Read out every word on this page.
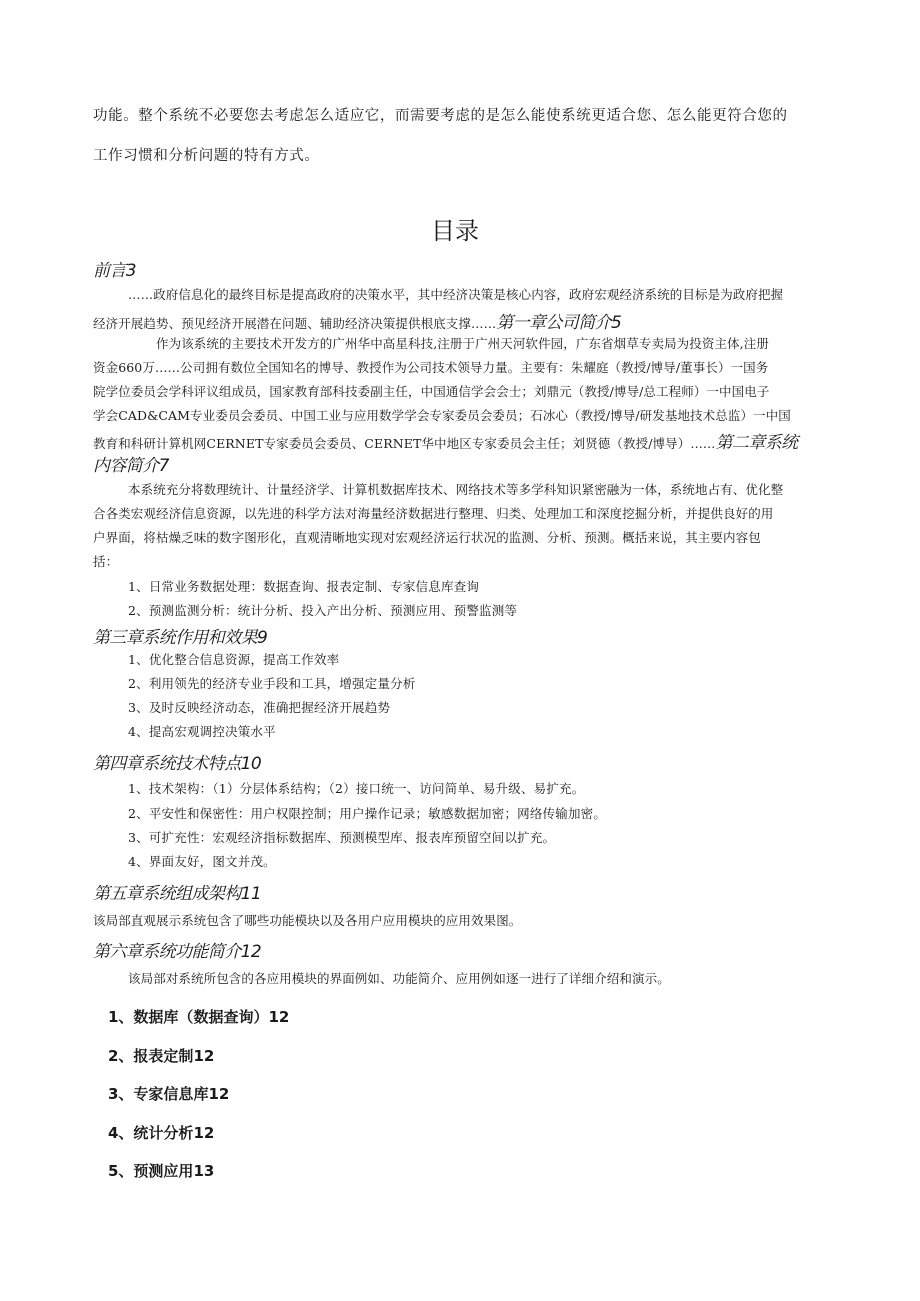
功能。整个系统不必要您去考虑怎么适应它，而需要考虑的是怎么能使系统更适合您、怎么能更符合您的
工作习惯和分析问题的特有方式。
目录
前言3
……政府信息化的最终目标是提高政府的决策水平，其中经济决策是核心内容，政府宏观经济系统的目标是为政府把握
经济开展趋势、预见经济开展潜在问题、辅助经济决策提供根底支撑……第一章公司简介5
作为该系统的主要技术开发方的广州华中高星科技,注册于广州天河软件园，广东省烟草专卖局为投资主体,注册
资金660万……公司拥有数位全国知名的博导、教授作为公司技术领导力量。主要有：朱耀庭（教授/博导/董事长）一国务
院学位委员会学科评议组成员，国家教育部科技委副主任，中国通信学会会士；刘鼎元（教授/博导/总工程师）一中国电子
学会CAD&CAM专业委员会委员、中国工业与应用数学学会专家委员会委员；石冰心（教授/博导/研发基地技术总监）一中国
教育和科研计算机网CERNET专家委员会委员、CERNET华中地区专家委员会主任；刘贤德（教授/博导）……第二章系统
内容简介7
本系统充分将数理统计、计量经济学、计算机数据库技术、网络技术等多学科知识紧密融为一体，系统地占有、优化整
合各类宏观经济信息资源，以先进的科学方法对海量经济数据进行整理、归类、处理加工和深度挖掘分析，并提供良好的用
户界面，将枯燥乏味的数字图形化，直观清晰地实现对宏观经济运行状况的监测、分析、预测。概括来说，其主要内容包
括：
1、日常业务数据处理：数据查询、报表定制、专家信息库查询
2、预测监测分析：统计分析、投入产出分析、预测应用、预警监测等
第三章系统作用和效果9
1、优化整合信息资源，提高工作效率
2、利用领先的经济专业手段和工具，增强定量分析
3、及时反映经济动态，准确把握经济开展趋势
4、提高宏观调控决策水平
第四章系统技术特点10
1、技术架构：（1）分层体系结构；（2）接口统一、访问简单、易升级、易扩充。
2、平安性和保密性：用户权限控制；用户操作记录；敏感数据加密；网络传输加密。
3、可扩充性：宏观经济指标数据库、预测模型库、报表库预留空间以扩充。
4、界面友好，图文并茂。
第五章系统组成架构11
该局部直观展示系统包含了哪些功能模块以及各用户应用模块的应用效果图。
第六章系统功能简介12
该局部对系统所包含的各应用模块的界面例如、功能简介、应用例如逐一进行了详细介绍和演示。
1、数据库（数据查询）12
2、报表定制12
3、专家信息库12
4、统计分析12
5、预测应用13
